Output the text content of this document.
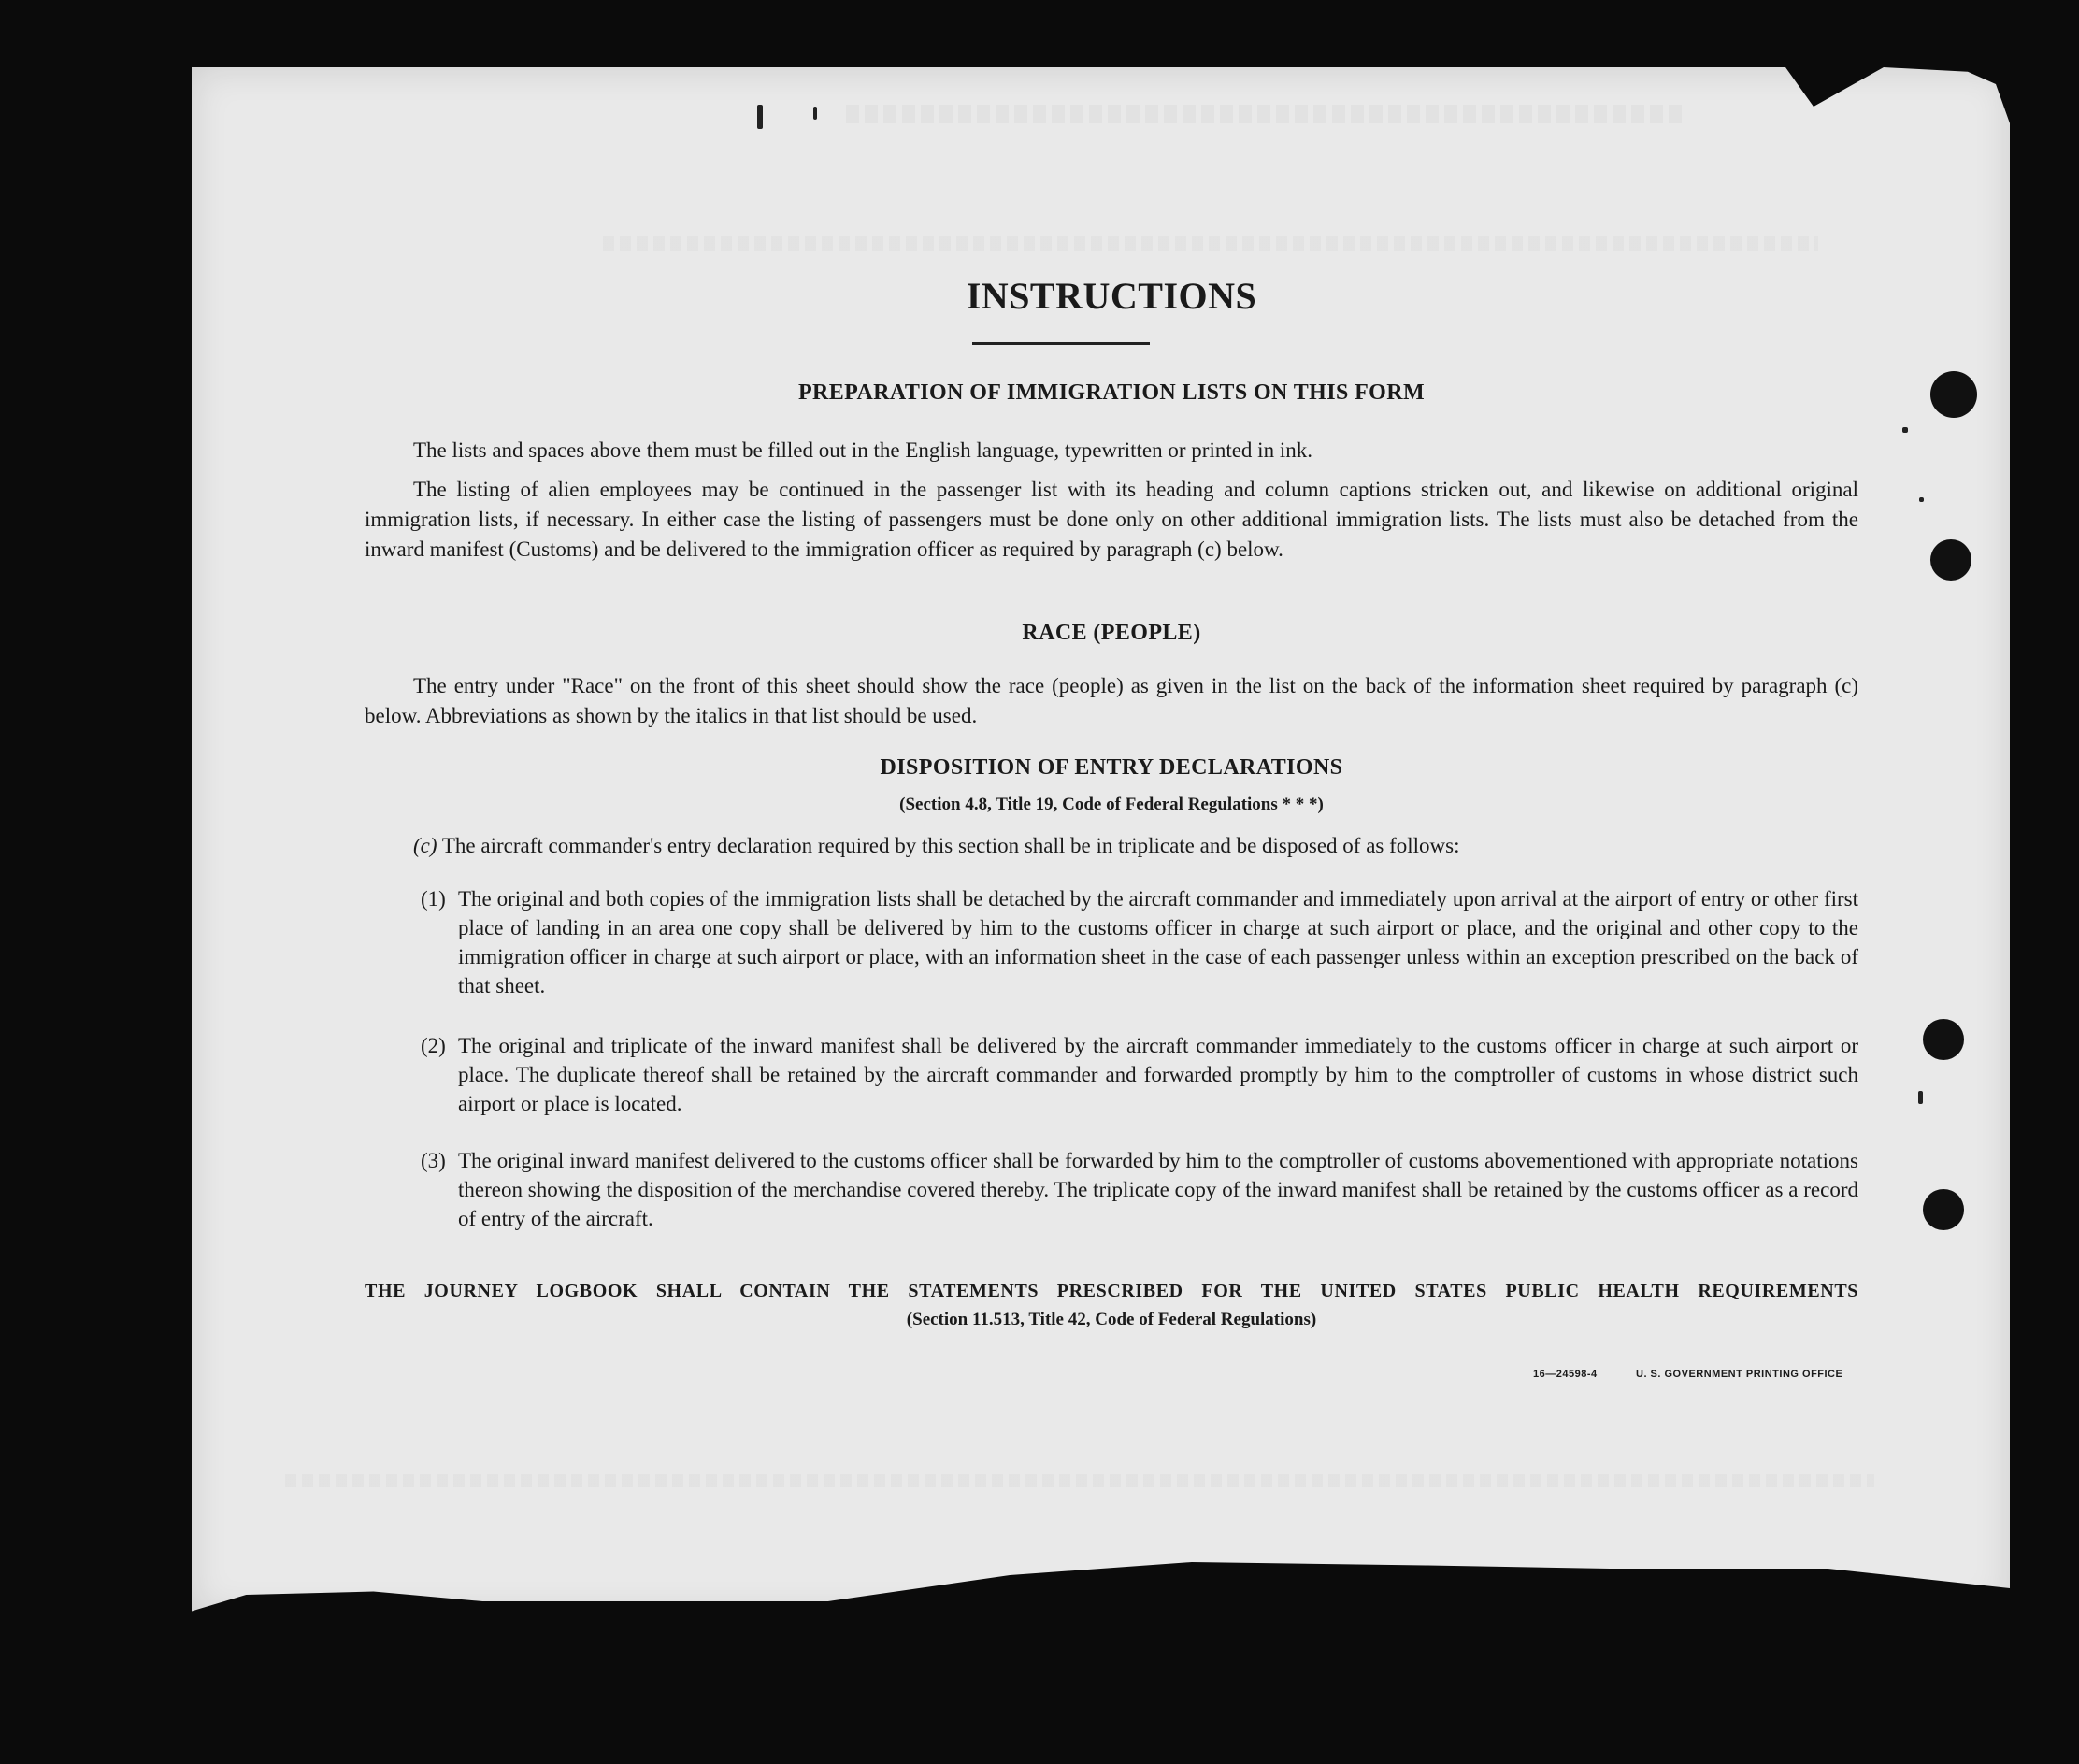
INSTRUCTIONS
PREPARATION OF IMMIGRATION LISTS ON THIS FORM

The lists and spaces above them must be filled out in the English language, typewritten or printed in ink.

The listing of alien employees may be continued in the passenger list with its heading and column captions stricken out, and likewise on additional original immigration lists, if necessary. In either case the listing of passengers must be done only on other additional immigration lists. The lists must also be detached from the inward manifest (Customs) and be delivered to the immigration officer as required by paragraph (c) below.

RACE (PEOPLE)

The entry under "Race" on the front of this sheet should show the race (people) as given in the list on the back of the information sheet required by paragraph (c) below. Abbreviations as shown by the italics in that list should be used.

DISPOSITION OF ENTRY DECLARATIONS
(Section 4.8, Title 19, Code of Federal Regulations * * *)

(c) The aircraft commander's entry declaration required by this section shall be in triplicate and be disposed of as follows:

(1) The original and both copies of the immigration lists shall be detached by the aircraft commander and immediately upon arrival at the airport of entry or other first place of landing in an area one copy shall be delivered by him to the customs officer in charge at such airport or place, and the original and other copy to the immigration officer in charge at such airport or place, with an information sheet in the case of each passenger unless within an exception prescribed on the back of that sheet.
(2) The original and triplicate of the inward manifest shall be delivered by the aircraft commander immediately to the customs officer in charge at such airport or place. The duplicate thereof shall be retained by the aircraft commander and forwarded promptly by him to the comptroller of customs in whose district such airport or place is located.
(3) The original inward manifest delivered to the customs officer shall be forwarded by him to the comptroller of customs abovementioned with appropriate notations thereon showing the disposition of the merchandise covered thereby. The triplicate copy of the inward manifest shall be retained by the customs officer as a record of entry of the aircraft.
THE JOURNEY LOGBOOK SHALL CONTAIN THE STATEMENTS PRESCRIBED FOR THE UNITED STATES PUBLIC HEALTH REQUIREMENTS
(Section 11.513, Title 42, Code of Federal Regulations)
16—24598-4	U. S. GOVERNMENT PRINTING OFFICE
